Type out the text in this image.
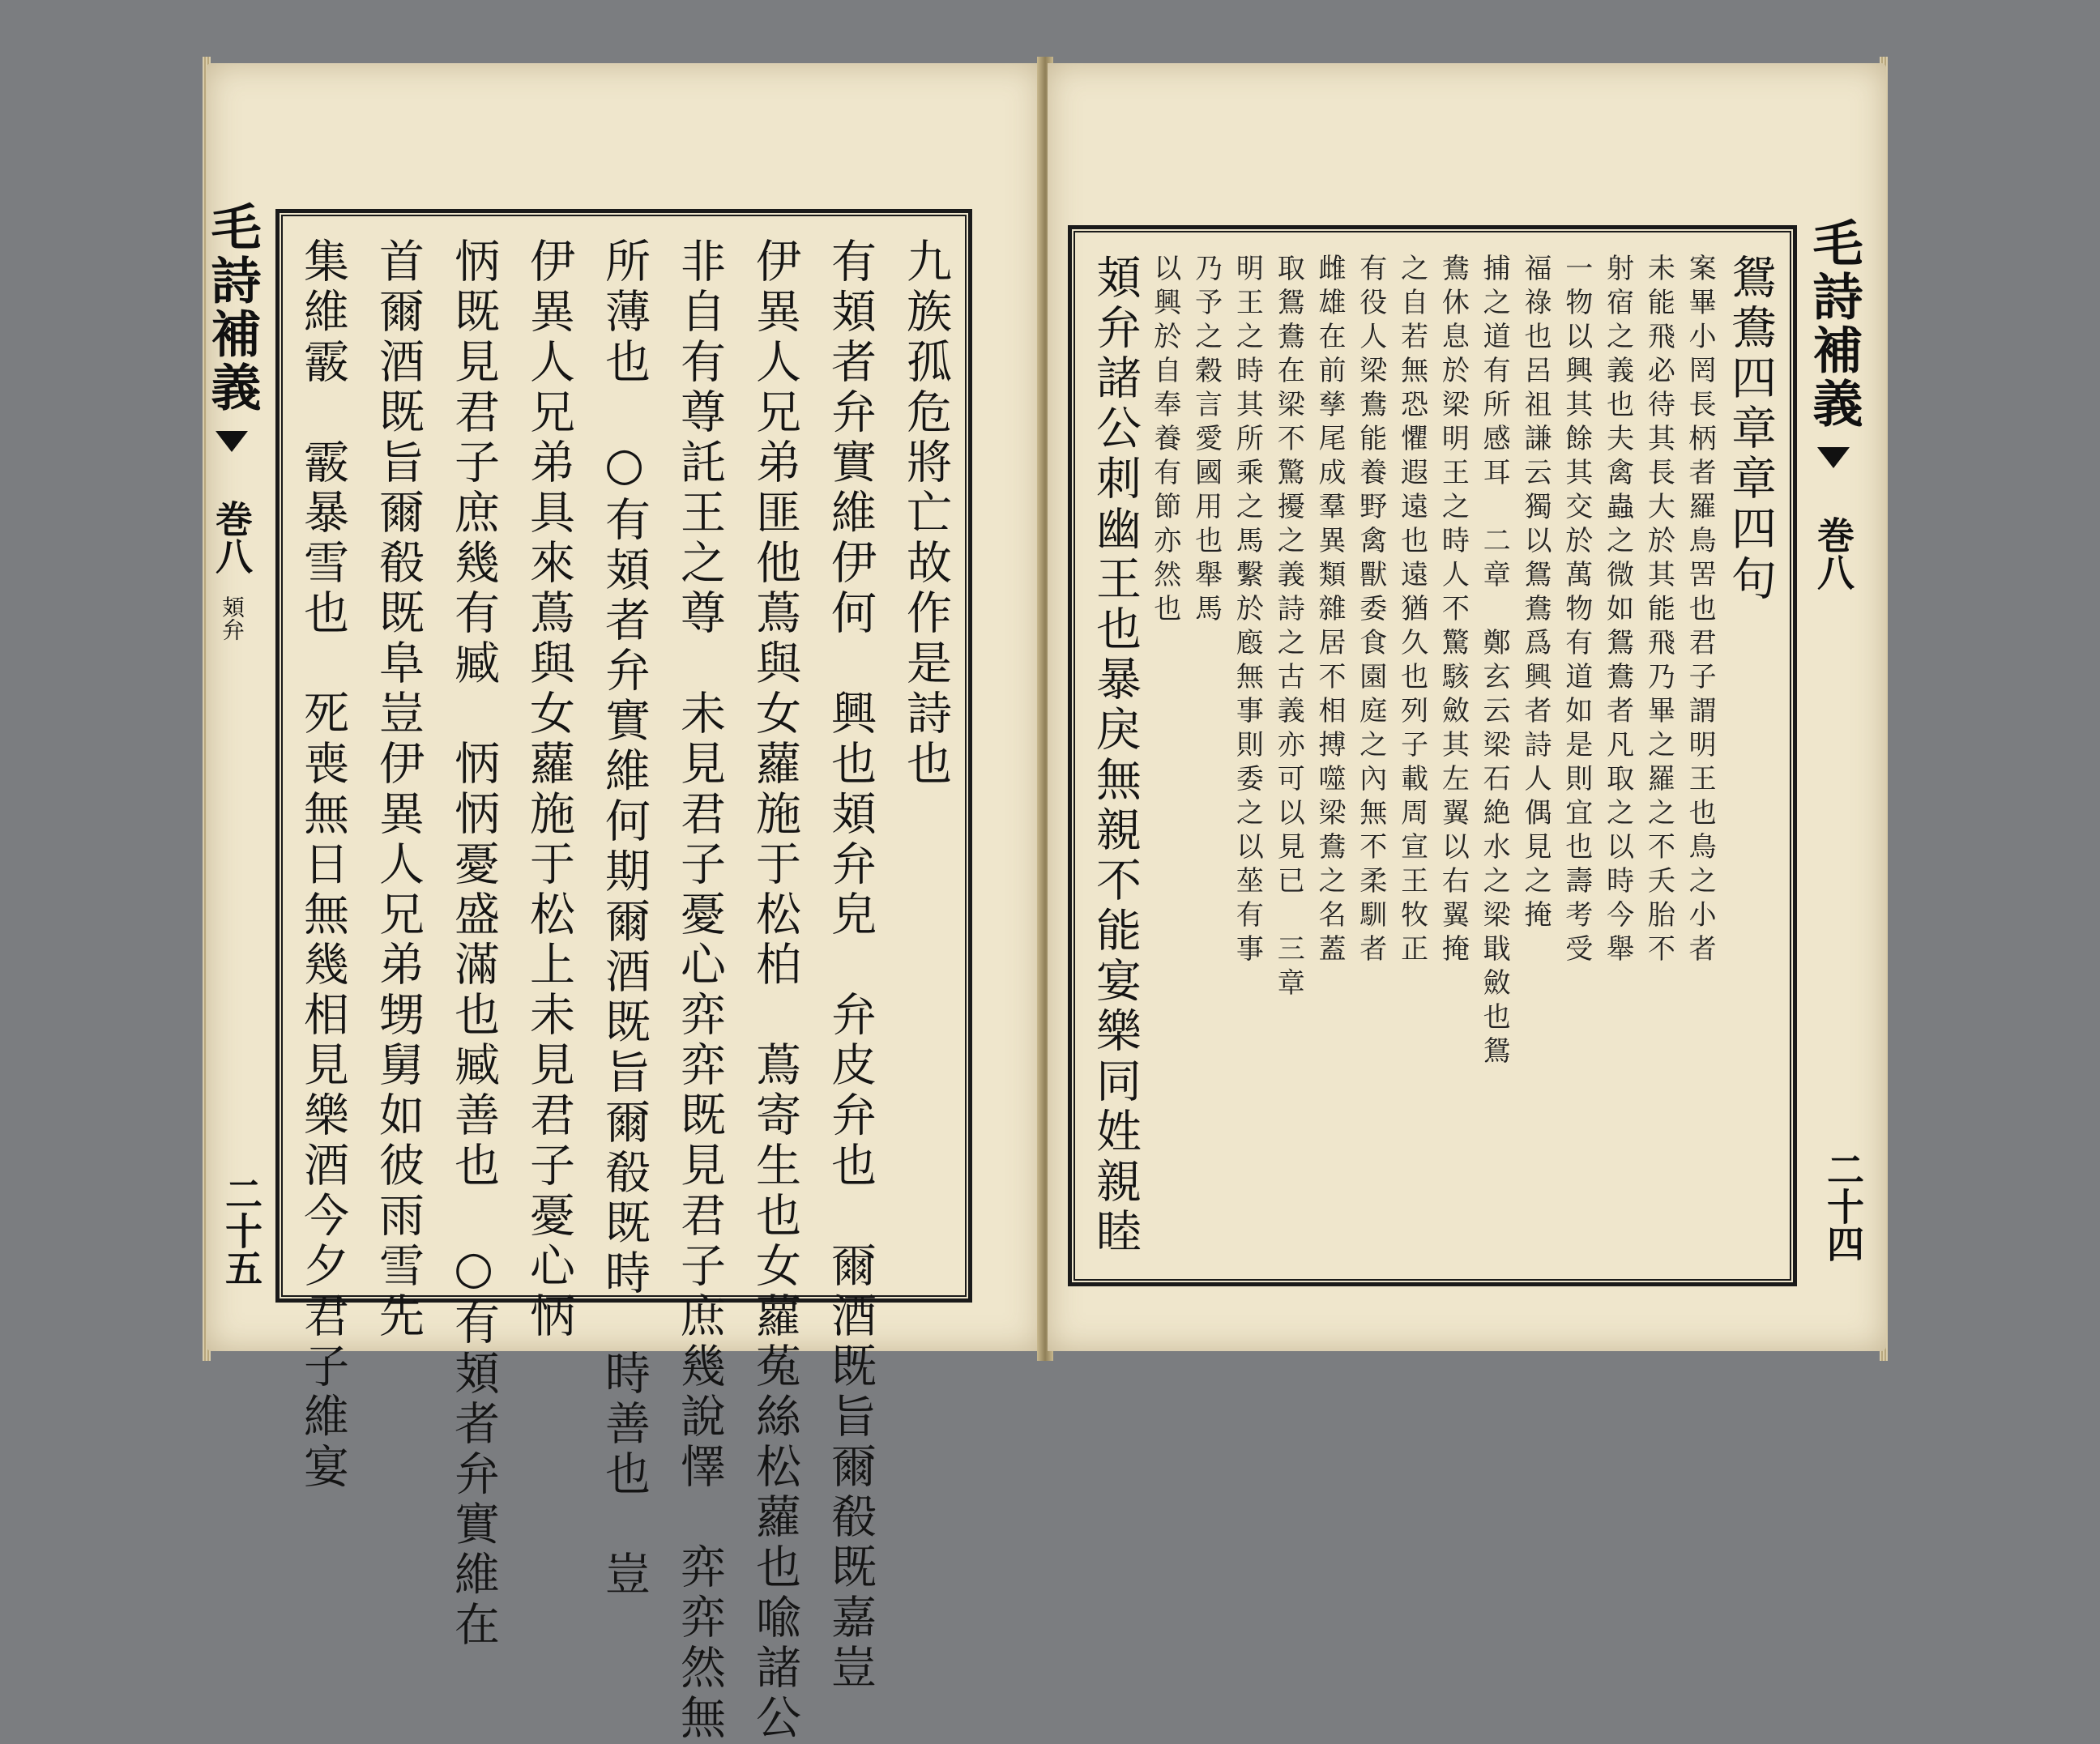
毛詩補義  巻八 頍弁
二十五
九族孤危將亡故作是詩也
有頍者弁實維伊何　興也頍弁皃　弁皮弁也　爾酒既旨爾殽既嘉豈
伊異人兄弟匪他蔦與女蘿施于松柏　蔦寄生也女蘿菟絲松蘿也喩諸公
非自有尊託王之尊　未見君子憂心弈弈既見君子庶幾說懌　弈弈然無
所薄也　○有頍者弁實維何期爾酒既旨爾殽既時　時善也　豈
伊異人兄弟具來蔦與女蘿施于松上未見君子憂心怲
怲既見君子庶幾有臧　怲怲憂盛滿也臧善也　○有頍者弁實維在
首爾酒既旨爾殽既阜豈伊異人兄弟甥舅如彼雨雪先
集維霰　霰暴雪也　死喪無日無幾相見樂酒今夕君子維宴	毛詩補義  巻八
二十四
鴛鴦四章章四句
案畢小罔長柄者羅鳥罟也君子謂明王也鳥之小者
未能飛必待其長大於其能飛乃畢之羅之不夭胎不
射宿之義也夫禽蟲之微如鴛鴦者凡取之以時今舉
一物以興其餘其交於萬物有道如是則宜也壽考受
福祿也呂祖謙云獨以鴛鴦爲興者詩人偶見之掩
捕之道有所感耳　二章　鄭玄云梁石絶水之梁戢斂也鴛
鴦休息於梁明王之時人不驚駭斂其左翼以右翼掩
之自若無恐懼遐遠也遠猶久也列子載周宣王牧正
有役人梁鴦能養野禽獸委食園庭之內無不柔馴者
雌雄在前孳尾成羣異類雜居不相搏噬梁鴦之名蓋
取鴛鴦在梁不驚擾之義詩之古義亦可以見已　三章
明王之時其所乘之馬繫於廏無事則委之以莝有事
乃予之穀言愛國用也舉馬
以興於自奉養有節亦然也
頍弁諸公刺幽王也暴戾無親不能宴樂同姓親睦
